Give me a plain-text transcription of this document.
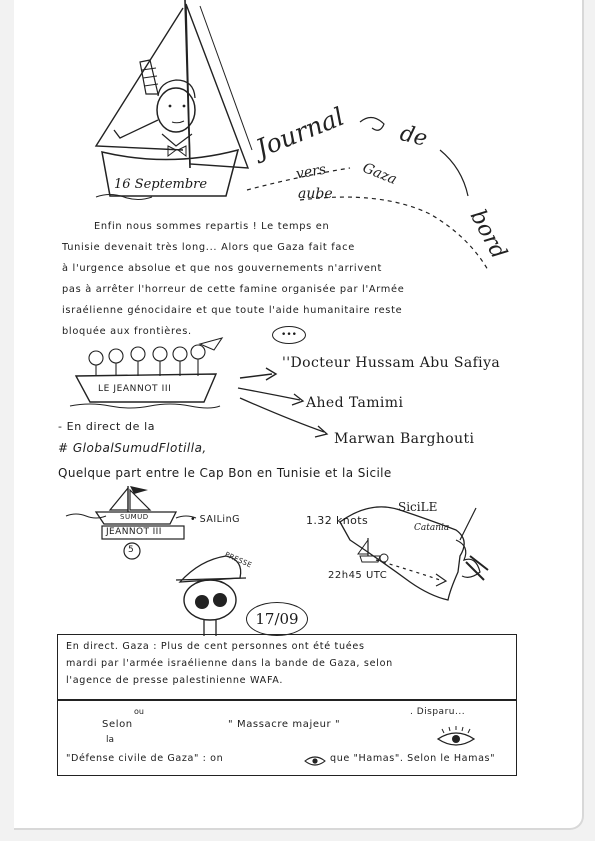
16 Septembre
Journal de
bord
vers Gaza
aube

Enfin nous sommes repartis ! Le temps en

Tunisie devenait très long... Alors que Gaza fait face

à l'urgence absolue et que nos gouvernements n'arrivent

pas à arrêter l'horreur de cette famine organisée par l'Armée

israélienne génocidaire et que toute l'aide humanitaire reste

bloquée aux frontières.	•••
LE JEANNOT III
''Docteur Hussam Abu Safiya
Ahed Tamimi
Marwan Barghouti
- En direct de la
# GlobalSumudFlotilla,
Quelque part entre le Cap Bon en Tunisie et la Sicile
SUMUD
JEANNOT III
5
• SAILinG	1.32 knots
SiciLE
Catania
22h45 UTC
PRESSE
17/09

En direct. Gaza : Plus de cent personnes ont été tuées

mardi par l'armée israélienne dans la bande de Gaza, selon

l'agence de presse palestinienne WAFA.

ou
Selon
la
" Massacre majeur "
. Disparu...
"Défense civile de Gaza" : on	que "Hamas". Selon le Hamas"
